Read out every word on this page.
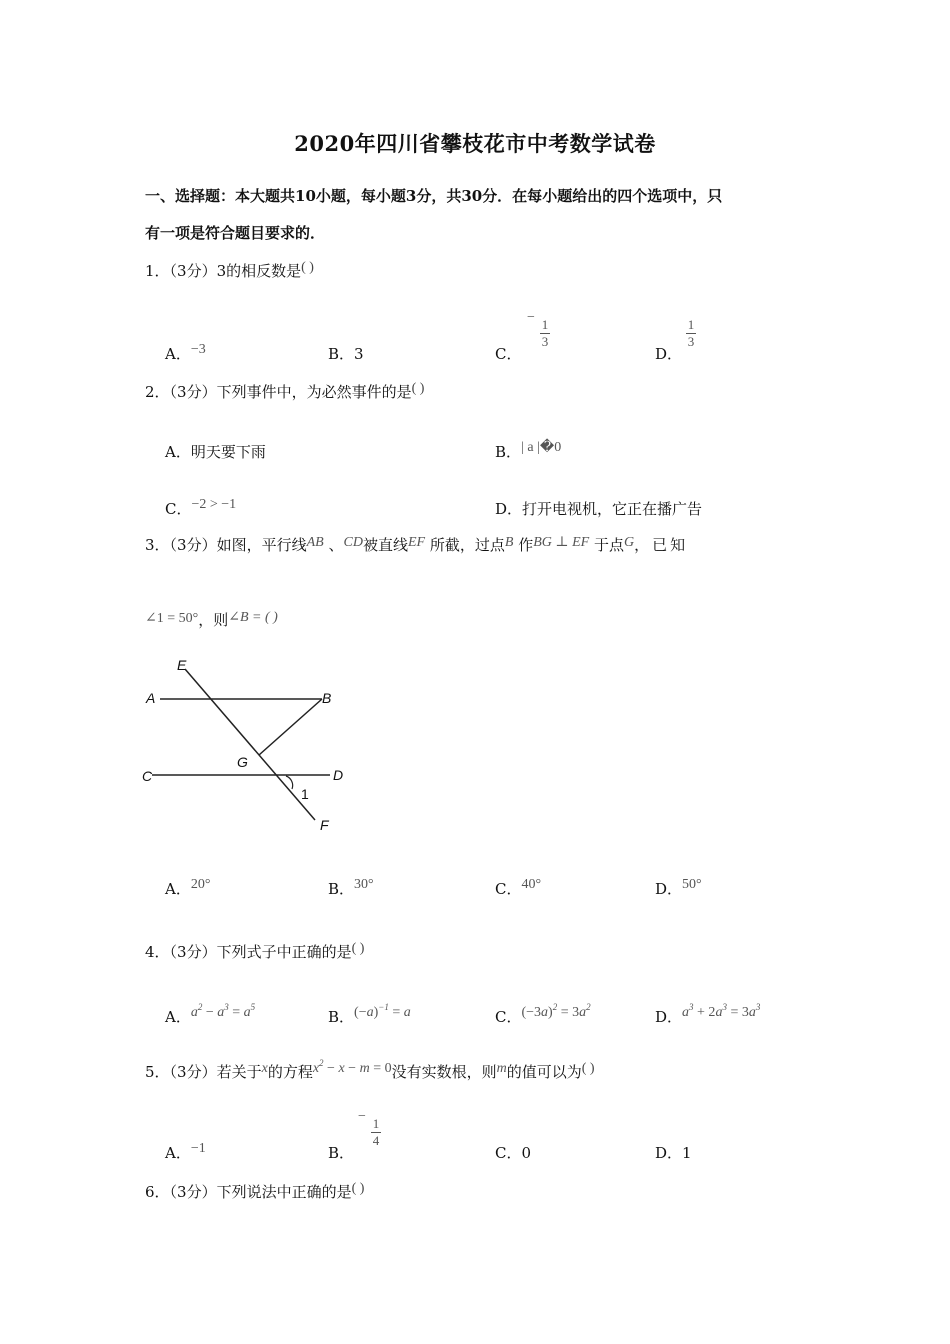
2020年四川省攀枝花市中考数学试卷
一、选择题：本大题共10小题，每小题3分，共30分．在每小题给出的四个选项中，只
有一项是符合题目要求的．
1．（3分）3的相反数是( )
A．−3	B．3	C．
−
$\frac{1}{3}$
D．
$\frac{1}{3}$
2．（3分）下列事件中，为必然事件的是( )
A．明天要下雨	B．| a |�0
C．−2 > −1	D．打开电视机，它正在播广告
3．（3分）如图，平行线AB 、CD被直线EF 所截，过点B 作BG ⊥ EF 于点G，已知
∠1 = 50°，则∠B = ( )
E
A	B
G
C	D
1
F
A．20°	B．30°	C．40°	D．50°
4．（3分）下列式子中正确的是( )
A．$a^2 - a^3 = a^5$
B．$(-a)^{-1} = a$	C．$(-3a)^2 = 3a^2$
D．$a^3 + 2a^3 = 3a^3$
5．（3分）若关于x的方程$x^2 - x - m = 0$没有实数根，则m的值可以为( )
A．−1	B．
−
$\frac{1}{4}$
C．0	D．1
6．（3分）下列说法中正确的是( )
